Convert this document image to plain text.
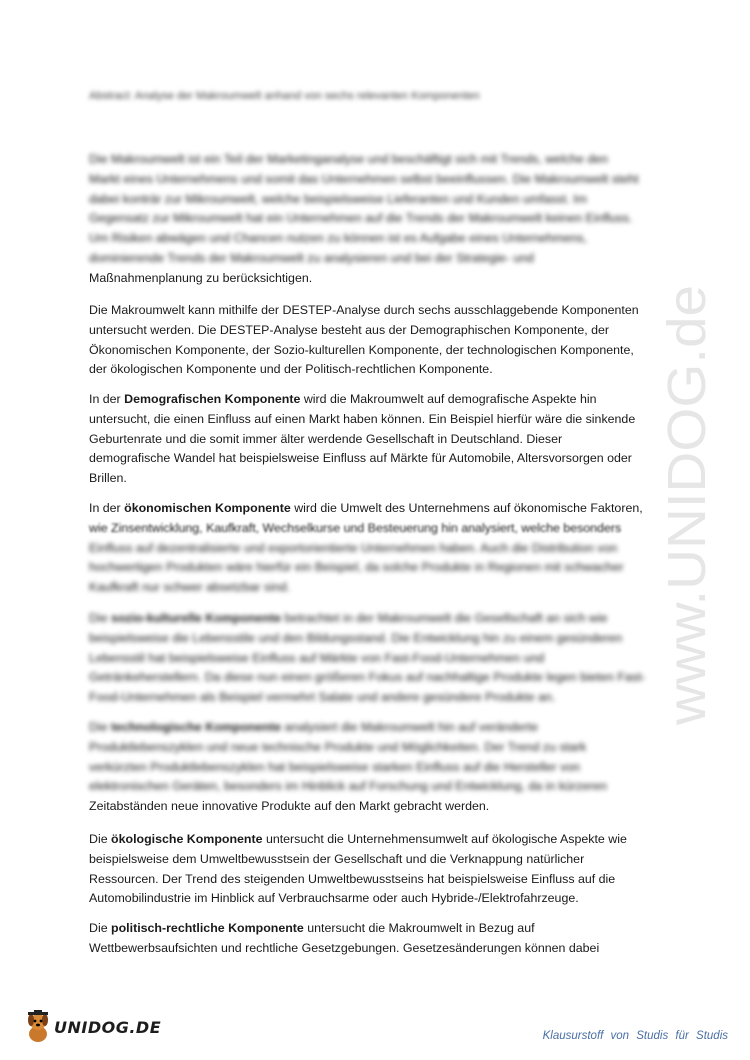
Abstract: Analyse der Makroumwelt anhand von sechs relevanten Komponenten

Die Makroumwelt ist ein Teil der Marketinganalyse und beschäftigt sich mit Trends, welche den
Markt eines Unternehmens und somit das Unternehmen selbst beeinflussen. Die Makroumwelt steht
dabei konträr zur Mikroumwelt, welche beispielsweise Lieferanten und Kunden umfasst. Im
Gegensatz zur Mikroumwelt hat ein Unternehmen auf die Trends der Makroumwelt keinen Einfluss.
Um Risiken abwägen und Chancen nutzen zu können ist es Aufgabe eines Unternehmens,
dominierende Trends der Makroumwelt zu analysieren und bei der Strategie- und
Maßnahmenplanung zu berücksichtigen.

Die Makroumwelt kann mithilfe der DESTEP-Analyse durch sechs ausschlaggebende Komponenten
untersucht werden. Die DESTEP-Analyse besteht aus der Demographischen Komponente, der
Ökonomischen Komponente, der Sozio-kulturellen Komponente, der technologischen Komponente,
der ökologischen Komponente und der Politisch-rechtlichen Komponente.

In der Demografischen Komponente wird die Makroumwelt auf demografische Aspekte hin
untersucht, die einen Einfluss auf einen Markt haben können. Ein Beispiel hierfür wäre die sinkende
Geburtenrate und die somit immer älter werdende Gesellschaft in Deutschland. Dieser
demografische Wandel hat beispielsweise Einfluss auf Märkte für Automobile, Altersvorsorgen oder
Brillen.

In der ökonomischen Komponente wird die Umwelt des Unternehmens auf ökonomische Faktoren,
wie Zinsentwicklung, Kaufkraft, Wechselkurse und Besteuerung hin analysiert, welche besonders
Einfluss auf dezentralisierte und exportorientierte Unternehmen haben. Auch die Distribution von
hochwertigen Produkten wäre hierfür ein Beispiel, da solche Produkte in Regionen mit schwacher
Kaufkraft nur schwer absetzbar sind.

Die sozio-kulturelle Komponente betrachtet in der Makroumwelt die Gesellschaft an sich wie
beispielsweise die Lebensstile und den Bildungsstand. Die Entwicklung hin zu einem gesünderen
Lebensstil hat beispielsweise Einfluss auf Märkte von Fast-Food-Unternehmen und
Getränkeherstellern. Da diese nun einen größeren Fokus auf nachhaltige Produkte legen bieten Fast-
Food-Unternehmen als Beispiel vermehrt Salate und andere gesündere Produkte an.

Die technologische Komponente analysiert die Makroumwelt hin auf veränderte
Produktlebenszyklen und neue technische Produkte und Möglichkeiten. Der Trend zu stark
verkürzten Produktlebenszyklen hat beispielsweise starken Einfluss auf die Hersteller von
elektronischen Geräten, besonders im Hinblick auf Forschung und Entwicklung, da in kürzeren
Zeitabständen neue innovative Produkte auf den Markt gebracht werden.

Die ökologische Komponente untersucht die Unternehmensumwelt auf ökologische Aspekte wie
beispielsweise dem Umweltbewusstsein der Gesellschaft und die Verknappung natürlicher
Ressourcen. Der Trend des steigenden Umweltbewusstseins hat beispielsweise Einfluss auf die
Automobilindustrie im Hinblick auf Verbrauchsarme oder auch Hybride-/Elektrofahrzeuge.

Die politisch-rechtliche Komponente untersucht die Makroumwelt in Bezug auf
Wettbewerbsaufsichten und rechtliche Gesetzgebungen. Gesetzesänderungen können dabei

www.UNIDOG.de
UNIDOG.DE	Klausurstoff von Studis für Studis
